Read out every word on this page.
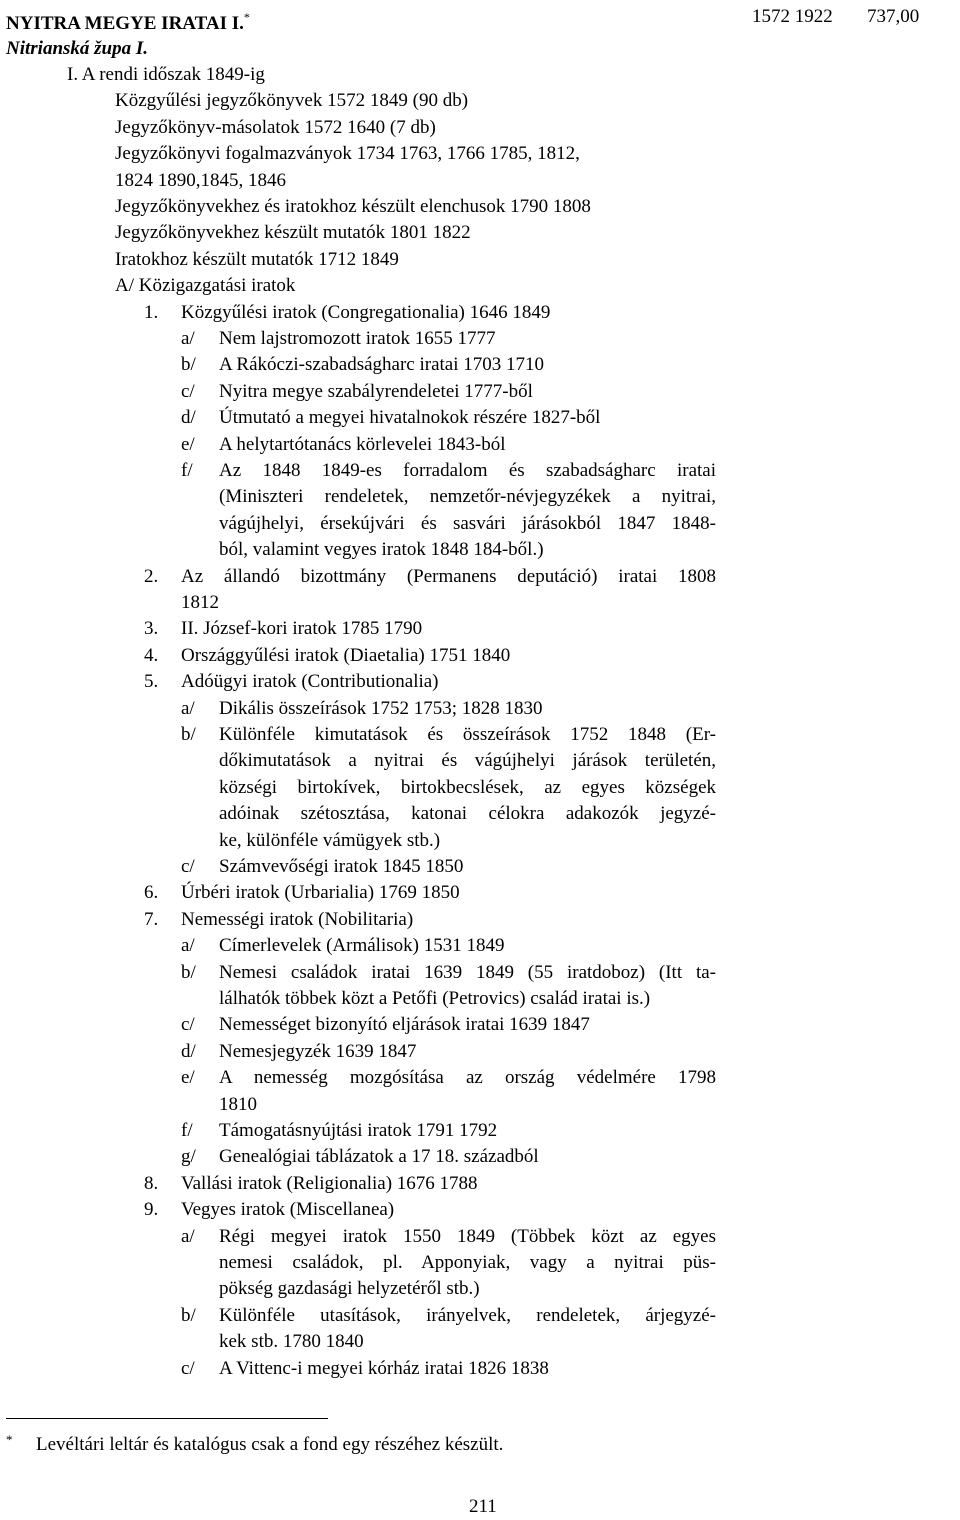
NYITRA MEGYE IRATAI I.*	1572 1922 737,00
Nitrianská župa I.
I. A rendi időszak 1849-ig
Közgyűlési jegyzőkönyvek 1572 1849 (90 db)
Jegyzőkönyv-másolatok 1572 1640 (7 db)
Jegyzőkönyvi fogalmazványok 1734 1763, 1766 1785, 1812,
1824 1890,1845, 1846
Jegyzőkönyvekhez és iratokhoz készült elenchusok 1790 1808
Jegyzőkönyvekhez készült mutatók 1801 1822
Iratokhoz készült mutatók 1712 1849
A/ Közigazgatási iratok
1. Közgyűlési iratok (Congregationalia) 1646 1849
a/ Nem lajstromozott iratok 1655 1777
b/ A Rákóczi-szabadságharc iratai 1703 1710
c/ Nyitra megye szabályrendeletei 1777-ből
d/ Útmutató a megyei hivatalnokok részére 1827-ből
e/ A helytartótanács körlevelei 1843-ból
f/ Az 1848 1849-es forradalom és szabadságharc iratai
(Miniszteri rendeletek, nemzetőr-névjegyzékek a nyitrai,
vágújhelyi, érsekújvári és sasvári járásokból 1847 1848-
ból, valamint vegyes iratok 1848 184-ből.)
2. Az állandó bizottmány (Permanens deputáció) iratai 1808
1812
3. II. József-kori iratok 1785 1790
4. Országgyűlési iratok (Diaetalia) 1751 1840
5. Adóügyi iratok (Contributionalia)
a/ Dikális összeírások 1752 1753; 1828 1830
b/ Különféle kimutatások és összeírások 1752 1848 (Er-
dőkimutatások a nyitrai és vágújhelyi járások területén,
községi birtokívek, birtokbecslések, az egyes községek
adóinak szétosztása, katonai célokra adakozók jegyzé-
ke, különféle vámügyek stb.)
c/ Számvevőségi iratok 1845 1850
6. Úrbéri iratok (Urbarialia) 1769 1850
7. Nemességi iratok (Nobilitaria)
a/ Címerlevelek (Armálisok) 1531 1849
b/ Nemesi családok iratai 1639 1849 (55 iratdoboz) (Itt ta-
lálhatók többek közt a Petőfi (Petrovics) család iratai is.)
c/ Nemességet bizonyító eljárások iratai 1639 1847
d/ Nemesjegyzék 1639 1847
e/ A nemesség mozgósítása az ország védelmére 1798
1810
f/ Támogatásnyújtási iratok 1791 1792
g/ Genealógiai táblázatok a 17 18. századból
8. Vallási iratok (Religionalia) 1676 1788
9. Vegyes iratok (Miscellanea)
a/ Régi megyei iratok 1550 1849 (Többek közt az egyes
nemesi családok, pl. Apponyiak, vagy a nyitrai püs-
pökség gazdasági helyzetéről stb.)
b/ Különféle utasítások, irányelvek, rendeletek, árjegyzé-
kek stb. 1780 1840
c/ A Vittenc-i megyei kórház iratai 1826 1838
* Levéltári leltár és katalógus csak a fond egy részéhez készült.
211
